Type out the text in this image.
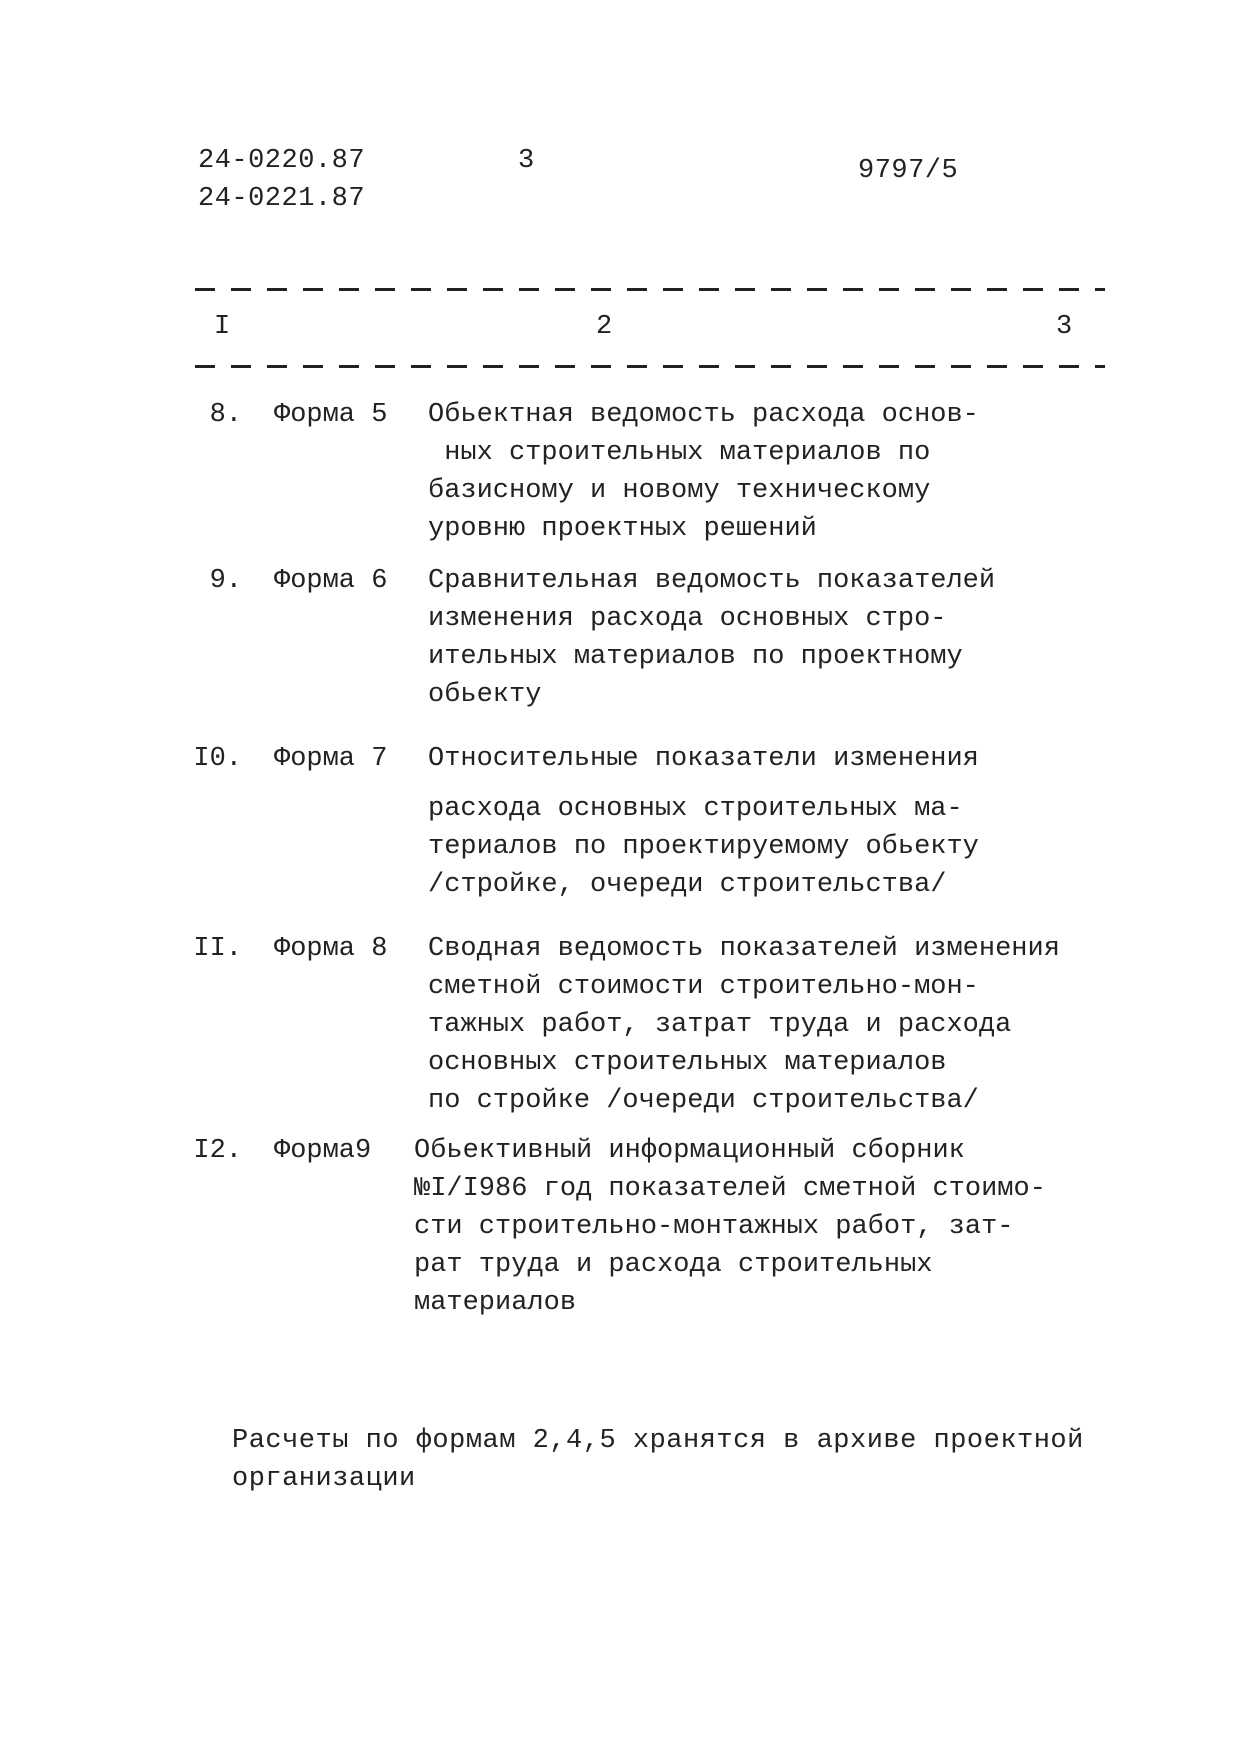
24-0220.87
24-0221.87
3	9797/5
I	2	3
8. Форма 5 Обьектная ведомость расхода основ-
ных строительных материалов по
базисному и новому техническому
уровню проектных решений
9. Форма 6 Сравнительная ведомость показателей
изменения расхода основных стро-
ительных материалов по проектному
обьекту
I0. Форма 7 Относительные показатели изменения
расхода основных строительных ма-
териалов по проектируемому обьекту
/стройке, очереди строительства/
II. Форма 8 Сводная ведомость показателей изменения
сметной стоимости строительно-мон-
тажных работ, затрат труда и расхода
основных строительных материалов
по стройке /очереди строительства/
I2. Форма9 Обьективный информационный сборник
№I/I986 год показателей сметной стоимо-
сти строительно-монтажных работ, зат-
рат труда и расхода строительных
материалов
Расчеты по формам 2,4,5 хранятся в архиве проектной
организации
